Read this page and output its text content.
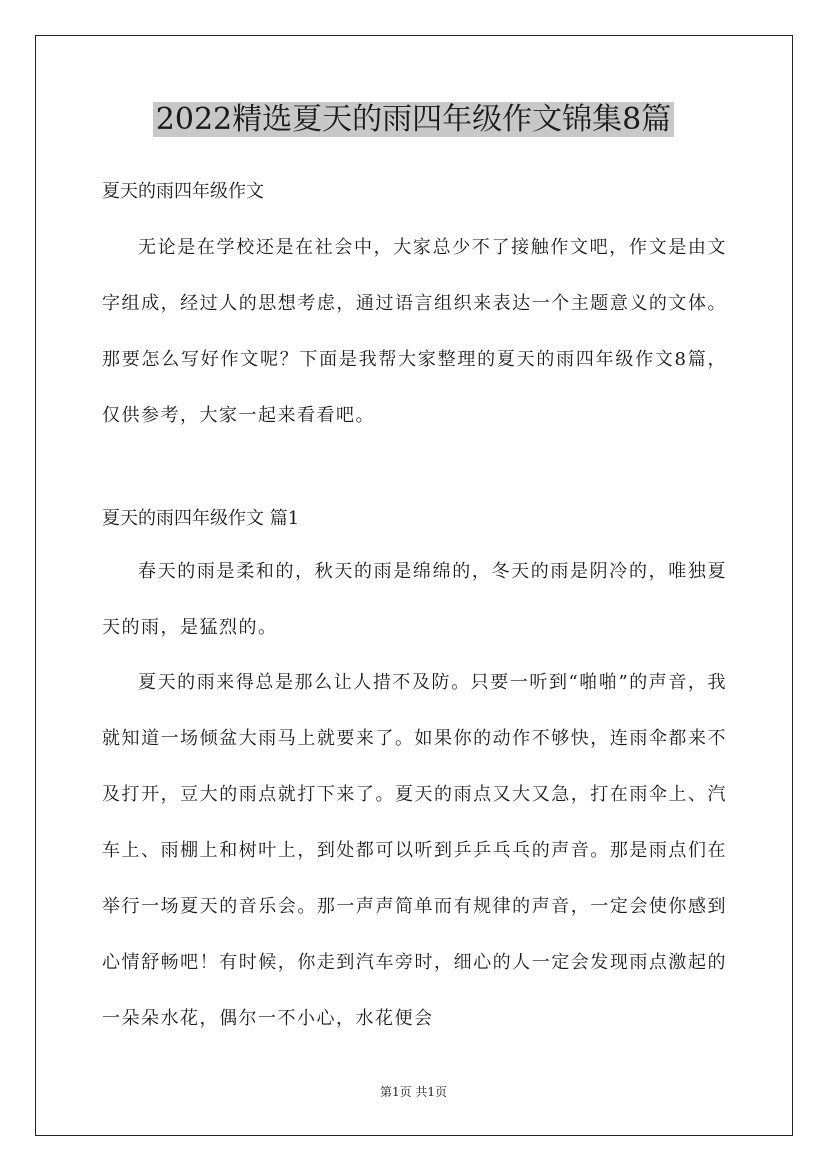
2022精选夏天的雨四年级作文锦集8篇
夏天的雨四年级作文

无论是在学校还是在社会中，大家总少不了接触作文吧，作文是由文字组成，经过人的思想考虑，通过语言组织来表达一个主题意义的文体。那要怎么写好作文呢？下面是我帮大家整理的夏天的雨四年级作文8篇，仅供参考，大家一起来看看吧。

夏天的雨四年级作文 篇1

春天的雨是柔和的，秋天的雨是绵绵的，冬天的雨是阴冷的，唯独夏天的雨，是猛烈的。

夏天的雨来得总是那么让人措不及防。只要一听到“啪啪”的声音，我就知道一场倾盆大雨马上就要来了。如果你的动作不够快，连雨伞都来不及打开，豆大的雨点就打下来了。夏天的雨点又大又急，打在雨伞上、汽车上、雨棚上和树叶上，到处都可以听到乒乒乓乓的声音。那是雨点们在举行一场夏天的音乐会。那一声声简单而有规律的声音，一定会使你感到心情舒畅吧！有时候，你走到汽车旁时，细心的人一定会发现雨点激起的一朵朵水花，偶尔一不小心，水花便会

第1页 共1页
